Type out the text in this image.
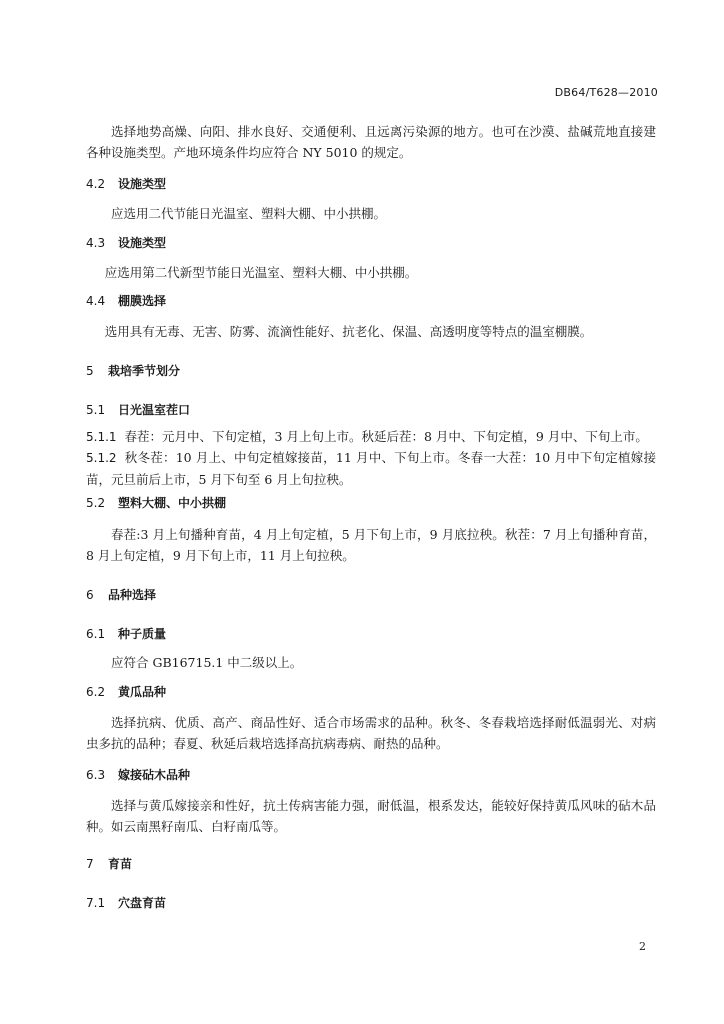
DB64/T628—2010

选择地势高燥、向阳、排水良好、交通便利、且远离污染源的地方。也可在沙漠、盐碱荒地直接建各种设施类型。产地环境条件均应符合 NY 5010 的规定。

4.2 设施类型

应选用二代节能日光温室、塑料大棚、中小拱棚。

4.3 设施类型

应选用第二代新型节能日光温室、塑料大棚、中小拱棚。

4.4 棚膜选择

选用具有无毒、无害、防雾、流滴性能好、抗老化、保温、高透明度等特点的温室棚膜。

5 栽培季节划分
5.1 日光温室茬口
5.1.1 春茬：元月中、下旬定植，3 月上旬上市。秋延后茬：8 月中、下旬定植，9 月中、下旬上市。
5.1.2 秋冬茬：10 月上、中旬定植嫁接苗，11 月中、下旬上市。冬春一大茬：10 月中下旬定植嫁接苗，元旦前后上市，5 月下旬至 6 月上旬拉秧。
5.2 塑料大棚、中小拱棚

春茬:3 月上旬播种育苗，4 月上旬定植，5 月下旬上市，9 月底拉秧。秋茬：7 月上旬播种育苗，8 月上旬定植，9 月下旬上市，11 月上旬拉秧。

6 品种选择
6.1 种子质量

应符合 GB16715.1 中二级以上。

6.2 黄瓜品种

选择抗病、优质、高产、商品性好、适合市场需求的品种。秋冬、冬春栽培选择耐低温弱光、对病虫多抗的品种；春夏、秋延后栽培选择高抗病毒病、耐热的品种。

6.3 嫁接砧木品种

选择与黄瓜嫁接亲和性好，抗土传病害能力强，耐低温，根系发达，能较好保持黄瓜风味的砧木品种。如云南黑籽南瓜、白籽南瓜等。

7 育苗
7.1 穴盘育苗
2
